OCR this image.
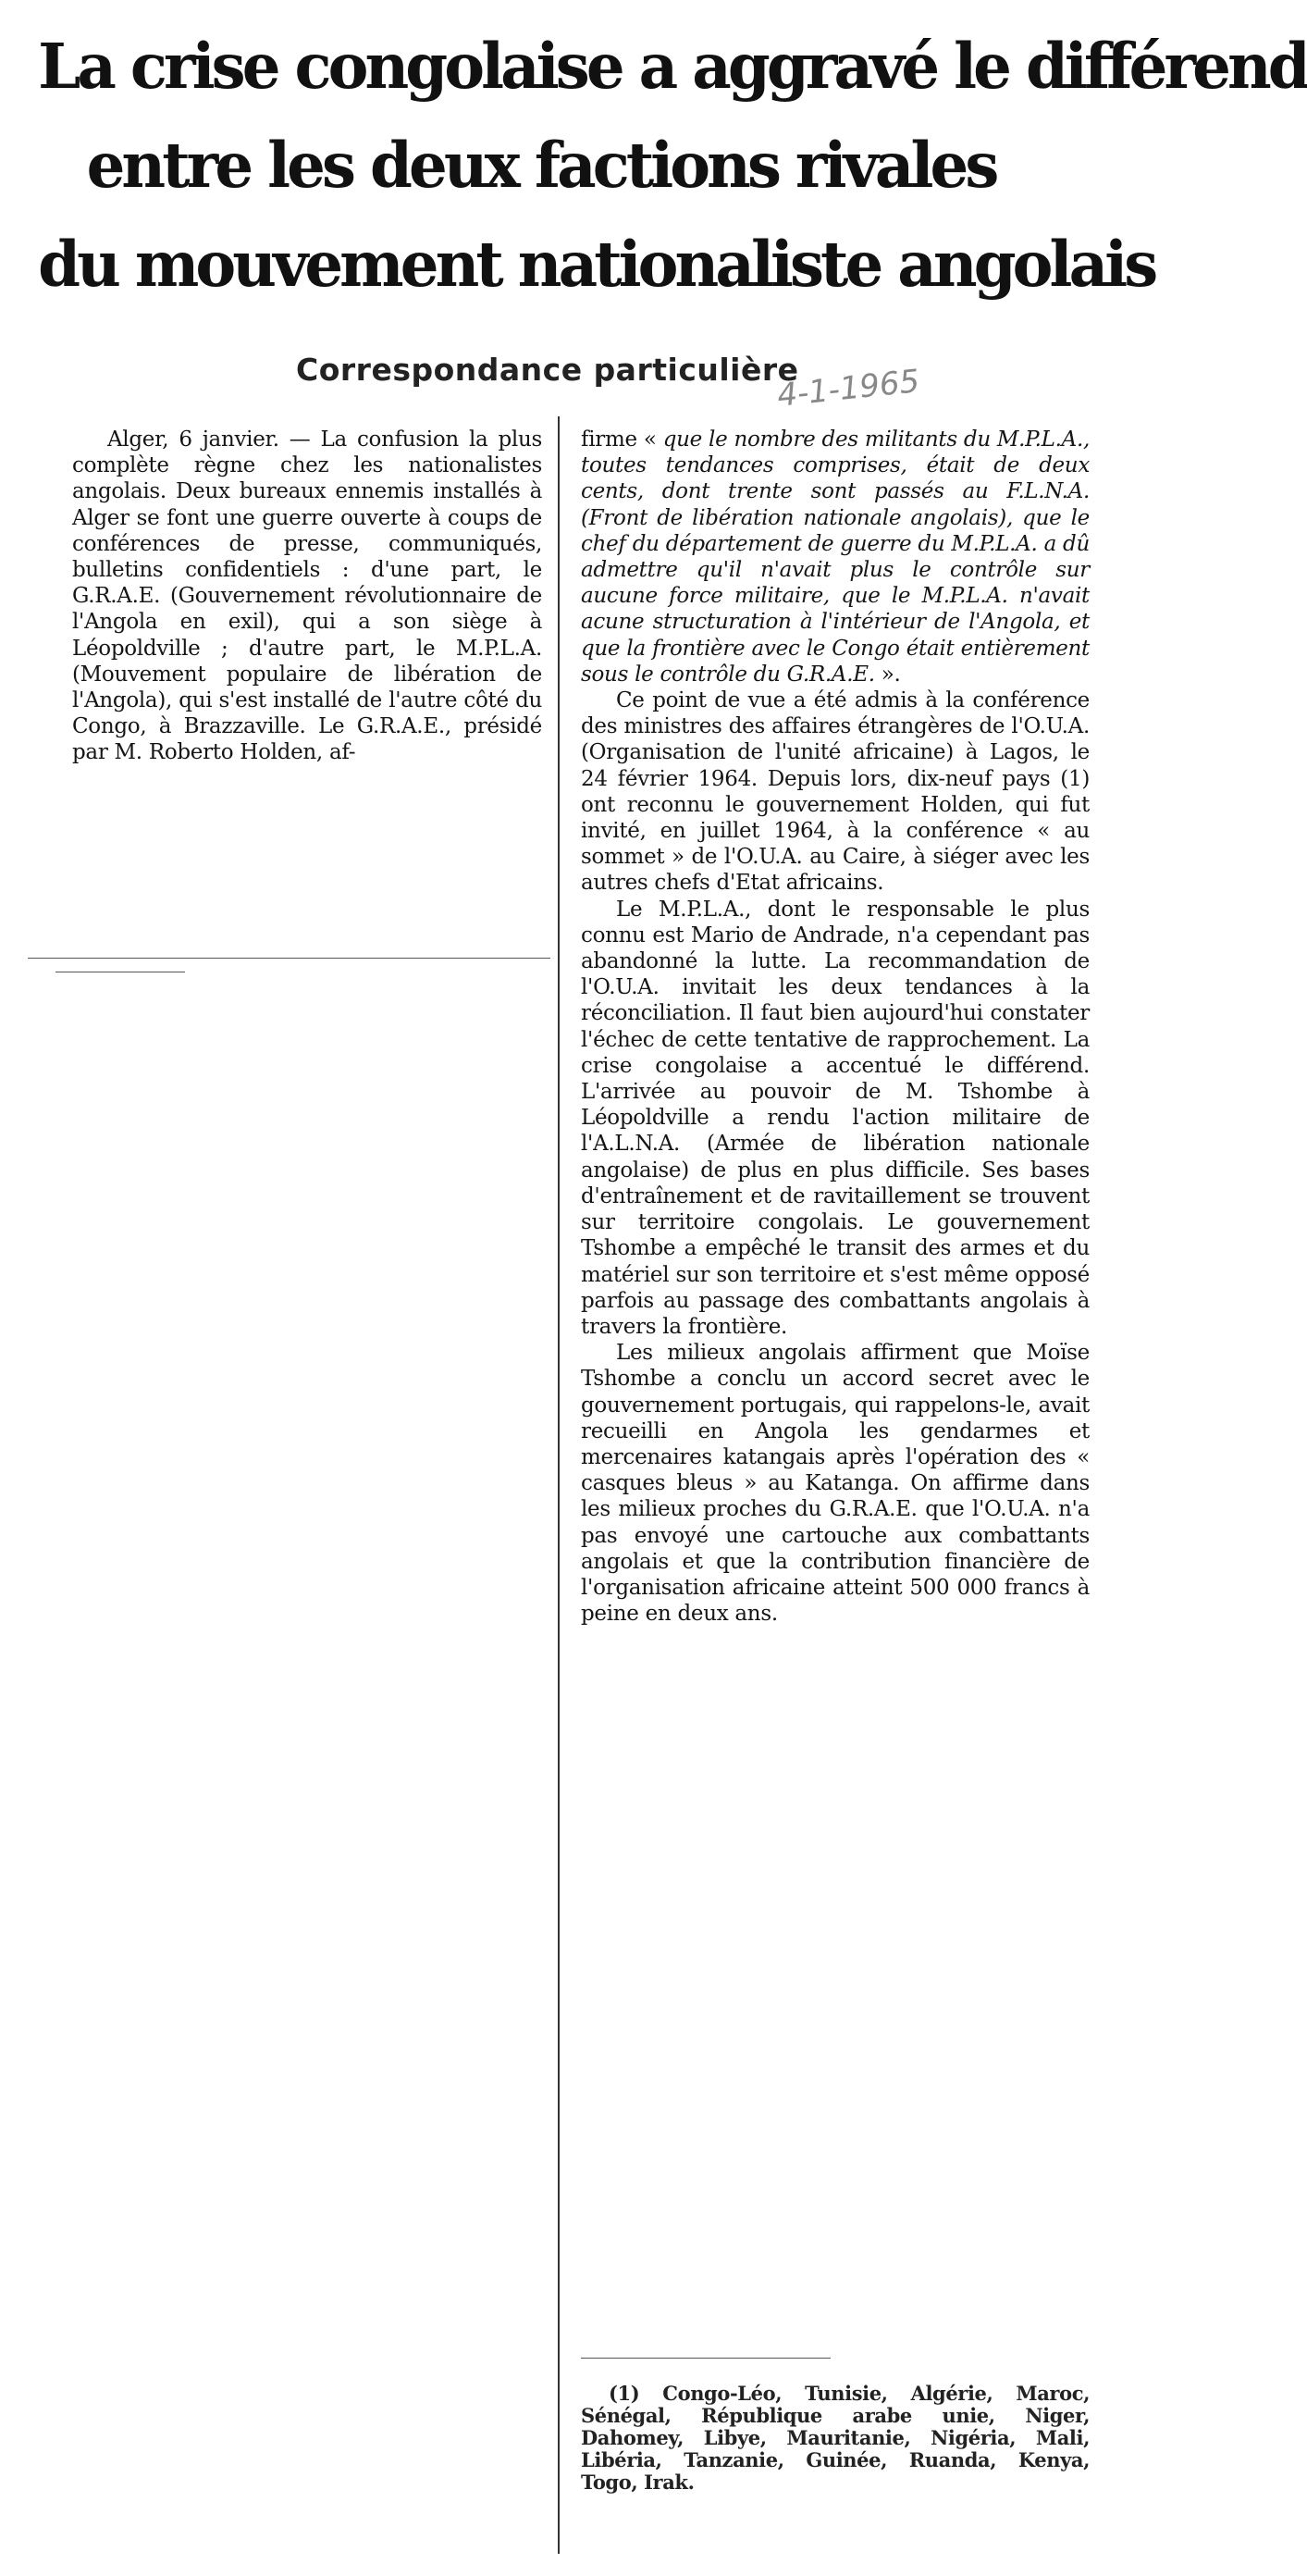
La crise congolaise a aggravé le différend
entre les deux factions rivales
du mouvement nationaliste angolais
Correspondance particulière
4-1-1965

Alger, 6 janvier. — La confusion la plus complète règne chez les nationalistes angolais. Deux bureaux ennemis installés à Alger se font une guerre ouverte à coups de conférences de presse, communiqués, bulletins confidentiels : d'une part, le G.R.A.E. (Gouvernement révolutionnaire de l'Angola en exil), qui a son siège à Léopoldville ; d'autre part, le M.P.L.A. (Mouvement populaire de libération de l'Angola), qui s'est installé de l'autre côté du Congo, à Brazzaville. Le G.R.A.E., présidé par M. Roberto Holden, af-

firme « que le nombre des militants du M.P.L.A., toutes tendances comprises, était de deux cents, dont trente sont passés au F.L.N.A. (Front de libération nationale angolais), que le chef du département de guerre du M.P.L.A. a dû admettre qu'il n'avait plus le contrôle sur aucune force militaire, que le M.P.L.A. n'avait acune structuration à l'intérieur de l'Angola, et que la frontière avec le Congo était entièrement sous le contrôle du G.R.A.E. ».

Ce point de vue a été admis à la conférence des ministres des affaires étrangères de l'O.U.A. (Organisation de l'unité africaine) à Lagos, le 24 février 1964. Depuis lors, dix-neuf pays (1) ont reconnu le gouvernement Holden, qui fut invité, en juillet 1964, à la conférence « au sommet » de l'O.U.A. au Caire, à siéger avec les autres chefs d'Etat africains.

Le M.P.L.A., dont le responsable le plus connu est Mario de Andrade, n'a cependant pas abandonné la lutte. La recommandation de l'O.U.A. invitait les deux tendances à la réconciliation. Il faut bien aujourd'hui constater l'échec de cette tentative de rapprochement. La crise congolaise a accentué le différend. L'arrivée au pouvoir de M. Tshombe à Léopoldville a rendu l'action militaire de l'A.L.N.A. (Armée de libération nationale angolaise) de plus en plus difficile. Ses bases d'entraînement et de ravitaillement se trouvent sur territoire congolais. Le gouvernement Tshombe a empêché le transit des armes et du matériel sur son territoire et s'est même opposé parfois au passage des combattants angolais à travers la frontière.

Les milieux angolais affirment que Moïse Tshombe a conclu un accord secret avec le gouvernement portugais, qui rappelons-le, avait recueilli en Angola les gendarmes et mercenaires katangais après l'opération des « casques bleus » au Katanga. On affirme dans les milieux proches du G.R.A.E. que l'O.U.A. n'a pas envoyé une cartouche aux combattants angolais et que la contribution financière de l'organisation africaine atteint 500 000 francs à peine en deux ans.

(1) Congo-Léo, Tunisie, Algérie, Maroc, Sénégal, République arabe unie, Niger, Dahomey, Libye, Mauritanie, Nigéria, Mali, Libéria, Tanzanie, Guinée, Ruanda, Kenya, Togo, Irak.
